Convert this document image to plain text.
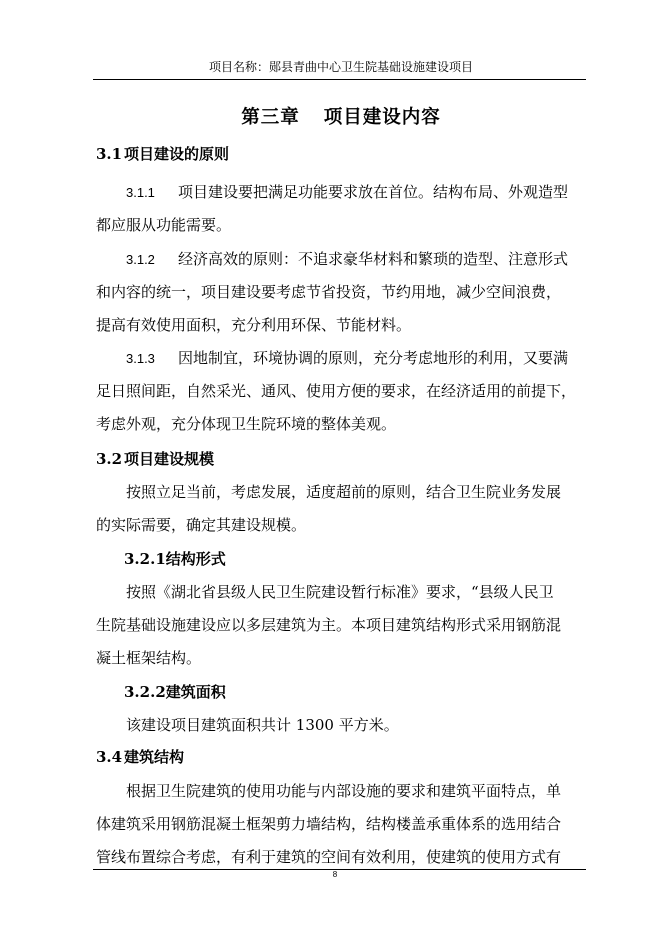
项目名称：郧县青曲中心卫生院基础设施建设项目
第三章 项目建设内容
3.1 项目建设的原则
3.1.1 项目建设要把满足功能要求放在首位。结构布局、外观造型
都应服从功能需要。
3.1.2 经济高效的原则：不追求豪华材料和繁琐的造型、注意形式
和内容的统一，项目建设要考虑节省投资，节约用地，减少空间浪费，
提高有效使用面积，充分利用环保、节能材料。
3.1.3 因地制宜，环境协调的原则，充分考虑地形的利用，又要满
足日照间距，自然采光、通风、使用方便的要求，在经济适用的前提下，
考虑外观，充分体现卫生院环境的整体美观。
3.2 项目建设规模
按照立足当前，考虑发展，适度超前的原则，结合卫生院业务发展
的实际需要，确定其建设规模。
3.2.1结构形式
按照《湖北省县级人民卫生院建设暂行标准》要求，“县级人民卫
生院基础设施建设应以多层建筑为主。本项目建筑结构形式采用钢筋混
凝土框架结构。
3.2.2建筑面积
该建设项目建筑面积共计 1300 平方米。
3.4 建筑结构
根据卫生院建筑的使用功能与内部设施的要求和建筑平面特点，单
体建筑采用钢筋混凝土框架剪力墙结构，结构楼盖承重体系的选用结合
管线布置综合考虑，有利于建筑的空间有效利用，使建筑的使用方式有
8
